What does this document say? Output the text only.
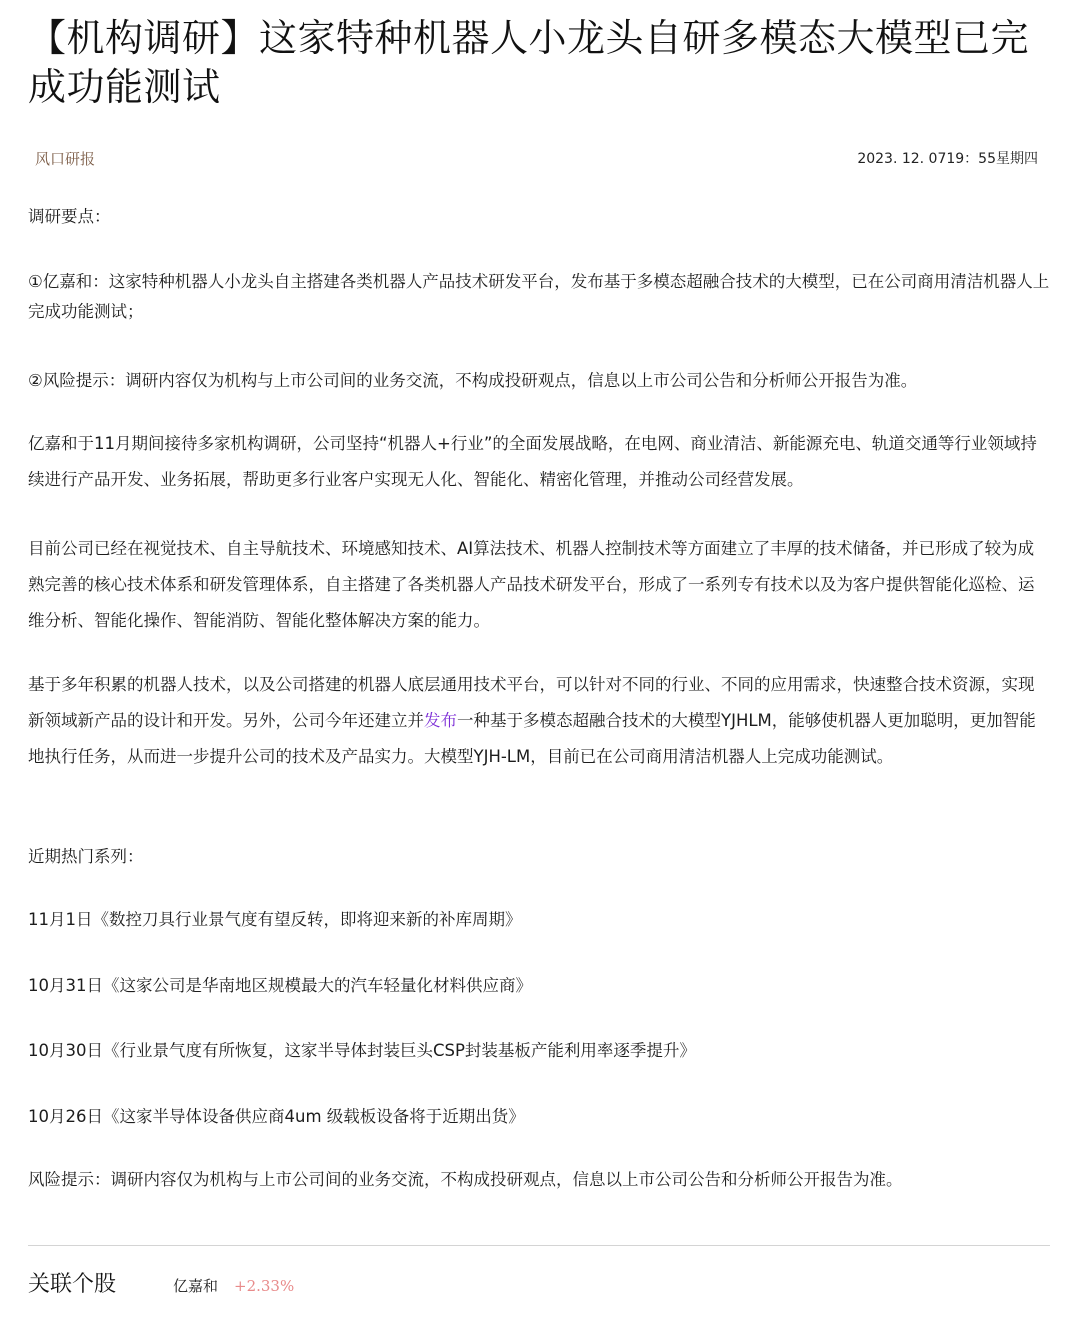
【机构调研】这家特种机器人小龙头自研多模态大模型已完成功能测试
风口研报	2023. 12. 0719：55星期四

调研要点：

①亿嘉和：这家特种机器人小龙头自主搭建各类机器人产品技术研发平台，发布基于多模态超融合技术的大模型，已在公司商用清洁机器人上完成功能测试；

②风险提示：调研内容仅为机构与上市公司间的业务交流，不构成投研观点，信息以上市公司公告和分析师公开报告为准。

亿嘉和于11月期间接待多家机构调研，公司坚持“机器人+行业”的全面发展战略，在电网、商业清洁、新能源充电、轨道交通等行业领域持续进行产品开发、业务拓展，帮助更多行业客户实现无人化、智能化、精密化管理，并推动公司经营发展。

目前公司已经在视觉技术、自主导航技术、环境感知技术、AI算法技术、机器人控制技术等方面建立了丰厚的技术储备，并已形成了较为成熟完善的核心技术体系和研发管理体系，自主搭建了各类机器人产品技术研发平台，形成了一系列专有技术以及为客户提供智能化巡检、运维分析、智能化操作、智能消防、智能化整体解决方案的能力。

基于多年积累的机器人技术，以及公司搭建的机器人底层通用技术平台，可以针对不同的行业、不同的应用需求，快速整合技术资源，实现新领域新产品的设计和开发。另外，公司今年还建立并发布一种基于多模态超融合技术的大模型YJHLM，能够使机器人更加聪明，更加智能地执行任务，从而进一步提升公司的技术及产品实力。大模型YJH-LM，目前已在公司商用清洁机器人上完成功能测试。

近期热门系列：

11月1日《数控刀具行业景气度有望反转，即将迎来新的补库周期》

10月31日《这家公司是华南地区规模最大的汽车轻量化材料供应商》

10月30日《行业景气度有所恢复，这家半导体封装巨头CSP封装基板产能利用率逐季提升》

10月26日《这家半导体设备供应商4um 级载板设备将于近期出货》

风险提示：调研内容仅为机构与上市公司间的业务交流，不构成投研观点，信息以上市公司公告和分析师公开报告为准。

关联个股	亿嘉和 +2.33%
